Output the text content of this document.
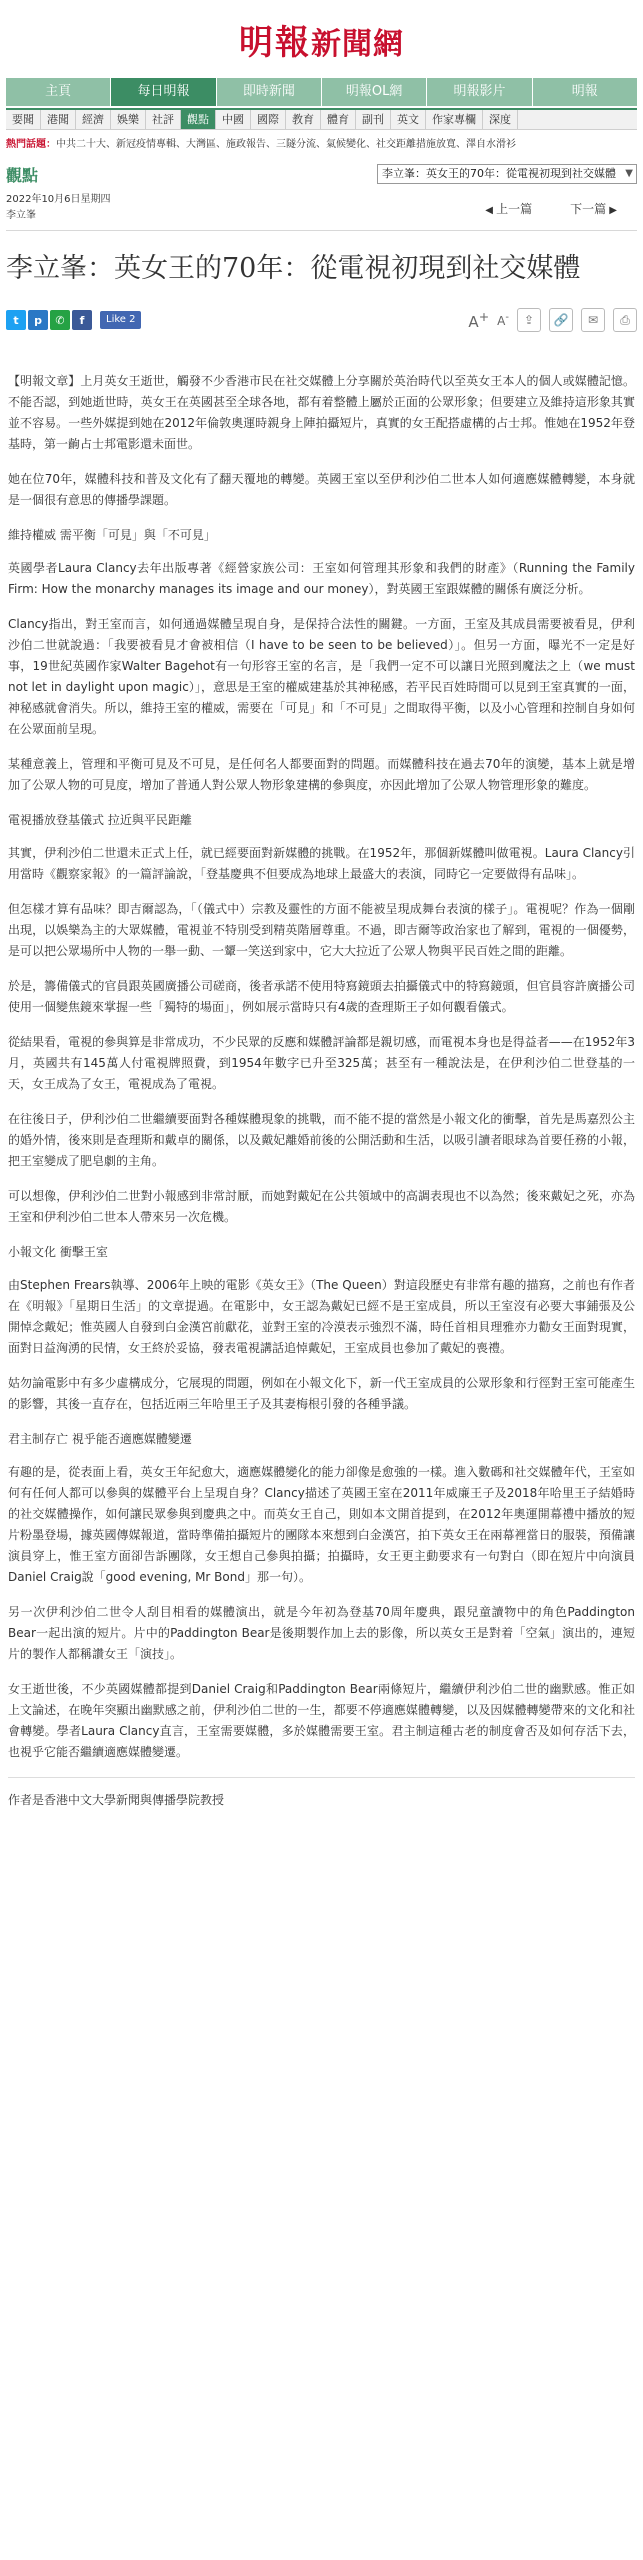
明報 新聞網
主頁	每日明報	即時新聞	明報OL網	明報影片	明報
要聞	港聞	經濟	娛樂	社評	觀點	中國	國際	教育	體育	副刊	英文	作家專欄	深度
熱門話題：中共二十大、新冠疫情專輯、大灣區、施政報告、三隧分流、氣候變化、社交距離措施放寬、澤自水滑衫
觀點	李立峯：英女王的70年：從電視初現到社交媒體 ▼
2022年10月6日星期四
李立峯	◀ 上一篇	下一篇 ▶
李立峯：英女王的70年：從電視初現到社交媒體
t	p	✆	f	Like 2	A+ A-	⇪	🔗	✉	⎙

【明報文章】上月英女王逝世，觸發不少香港市民在社交媒體上分享關於英治時代以至英女王本人的個人或媒體記憶。不能否認，到她逝世時，英女王在英國甚至全球各地，都有着整體上屬於正面的公眾形象；但要建立及維持這形象其實並不容易。一些外媒提到她在2012年倫敦奧運時親身上陣拍攝短片，真實的女王配搭虛構的占士邦。惟她在1952年登基時，第一齣占士邦電影還未面世。

她在位70年，媒體科技和普及文化有了翻天覆地的轉變。英國王室以至伊利沙伯二世本人如何適應媒體轉變，本身就是一個很有意思的傳播學課題。

維持權威 需平衡「可見」與「不可見」

英國學者Laura Clancy去年出版專著《經營家族公司：王室如何管理其形象和我們的財產》（Running the Family Firm: How the monarchy manages its image and our money），對英國王室跟媒體的關係有廣泛分析。

Clancy指出，對王室而言，如何通過媒體呈現自身，是保持合法性的關鍵。一方面，王室及其成員需要被看見，伊利沙伯二世就說過：「我要被看見才會被相信（I have to be seen to be believed）」。但另一方面，曝光不一定是好事，19世紀英國作家Walter Bagehot有一句形容王室的名言，是「我們一定不可以讓日光照到魔法之上（we must not let in daylight upon magic）」，意思是王室的權威建基於其神秘感，若平民百姓時間可以見到王室真實的一面，神秘感就會消失。所以，維持王室的權威，需要在「可見」和「不可見」之間取得平衡，以及小心管理和控制自身如何在公眾面前呈現。

某種意義上，管理和平衡可見及不可見，是任何名人都要面對的問題。而媒體科技在過去70年的演變，基本上就是增加了公眾人物的可見度，增加了普通人對公眾人物形象建構的參與度，亦因此增加了公眾人物管理形象的難度。

電視播放登基儀式 拉近與平民距離

其實，伊利沙伯二世還未正式上任，就已經要面對新媒體的挑戰。在1952年，那個新媒體叫做電視。Laura Clancy引用當時《觀察家報》的一篇評論說，「登基慶典不但要成為地球上最盛大的表演，同時它一定要做得有品味」。

但怎樣才算有品味？即吉爾認為，「（儀式中）宗教及靈性的方面不能被呈現成舞台表演的樣子」。電視呢？作為一個剛出現，以娛樂為主的大眾媒體，電視並不特別受到精英階層尊重。不過，即吉爾等政治家也了解到，電視的一個優勢，是可以把公眾場所中人物的一舉一動、一顰一笑送到家中，它大大拉近了公眾人物與平民百姓之間的距離。

於是，籌備儀式的官員跟英國廣播公司磋商，後者承諾不使用特寫鏡頭去拍攝儀式中的特寫鏡頭，但官員容許廣播公司使用一個變焦鏡來掌握一些「獨特的場面」，例如展示當時只有4歲的查理斯王子如何觀看儀式。

從結果看，電視的參與算是非常成功，不少民眾的反應和媒體評論都是親切感，而電視本身也是得益者——在1952年3月，英國共有145萬人付電視牌照費，到1954年數字已升至325萬；甚至有一種說法是，在伊利沙伯二世登基的一天，女王成為了女王，電視成為了電視。

在往後日子，伊利沙伯二世繼續要面對各種媒體現象的挑戰，而不能不提的當然是小報文化的衝擊，首先是馬嘉烈公主的婚外情，後來則是查理斯和戴卓的關係，以及戴妃離婚前後的公開活動和生活，以吸引讀者眼球為首要任務的小報，把王室變成了肥皂劇的主角。

可以想像，伊利沙伯二世對小報感到非常討厭，而她對戴妃在公共領域中的高調表現也不以為然；後來戴妃之死，亦為王室和伊利沙伯二世本人帶來另一次危機。

小報文化 衝擊王室

由Stephen Frears執導、2006年上映的電影《英女王》（The Queen）對這段歷史有非常有趣的描寫，之前也有作者在《明報》「星期日生活」的文章提過。在電影中，女王認為戴妃已經不是王室成員，所以王室沒有必要大事鋪張及公開悼念戴妃；惟英國人自發到白金漢宮前獻花，並對王室的冷漠表示強烈不滿，時任首相貝理雅亦力勸女王面對現實，面對日益洶湧的民情，女王終於妥協，發表電視講話追悼戴妃，王室成員也參加了戴妃的喪禮。

姑勿論電影中有多少虛構成分，它展現的問題，例如在小報文化下，新一代王室成員的公眾形象和行徑對王室可能產生的影響，其後一直存在，包括近兩三年哈里王子及其妻梅根引發的各種爭議。

君主制存亡 視乎能否適應媒體變遷

有趣的是，從表面上看，英女王年紀愈大，適應媒體變化的能力卻像是愈強的一樣。進入數碼和社交媒體年代，王室如何有任何人都可以參與的媒體平台上呈現自身？Clancy描述了英國王室在2011年威廉王子及2018年哈里王子結婚時的社交媒體操作，如何讓民眾參與到慶典之中。而英女王自己，則如本文開首提到，在2012年奧運開幕禮中播放的短片粉墨登場，據英國傳媒報道，當時準備拍攝短片的團隊本來想到白金漢宮，拍下英女王在兩幕裡當日的服裝，預備讓演員穿上，惟王室方面卻告訴團隊，女王想自己參與拍攝；拍攝時，女王更主動要求有一句對白（即在短片中向演員Daniel Craig說「good evening, Mr Bond」那一句）。

另一次伊利沙伯二世令人刮目相看的媒體演出，就是今年初為登基70周年慶典，跟兒童讀物中的角色Paddington Bear一起出演的短片。片中的Paddington Bear是後期製作加上去的影像，所以英女王是對着「空氣」演出的，連短片的製作人都稱讚女王「演技」。

女王逝世後，不少英國媒體都提到Daniel Craig和Paddington Bear兩條短片，繼續伊利沙伯二世的幽默感。惟正如上文論述，在晚年突顯出幽默感之前，伊利沙伯二世的一生，都要不停適應媒體轉變，以及因媒體轉變帶來的文化和社會轉變。學者Laura Clancy直言，王室需要媒體，多於媒體需要王室。君主制這種古老的制度會否及如何存活下去，也視乎它能否繼續適應媒體變遷。

作者是香港中文大學新聞與傳播學院教授
